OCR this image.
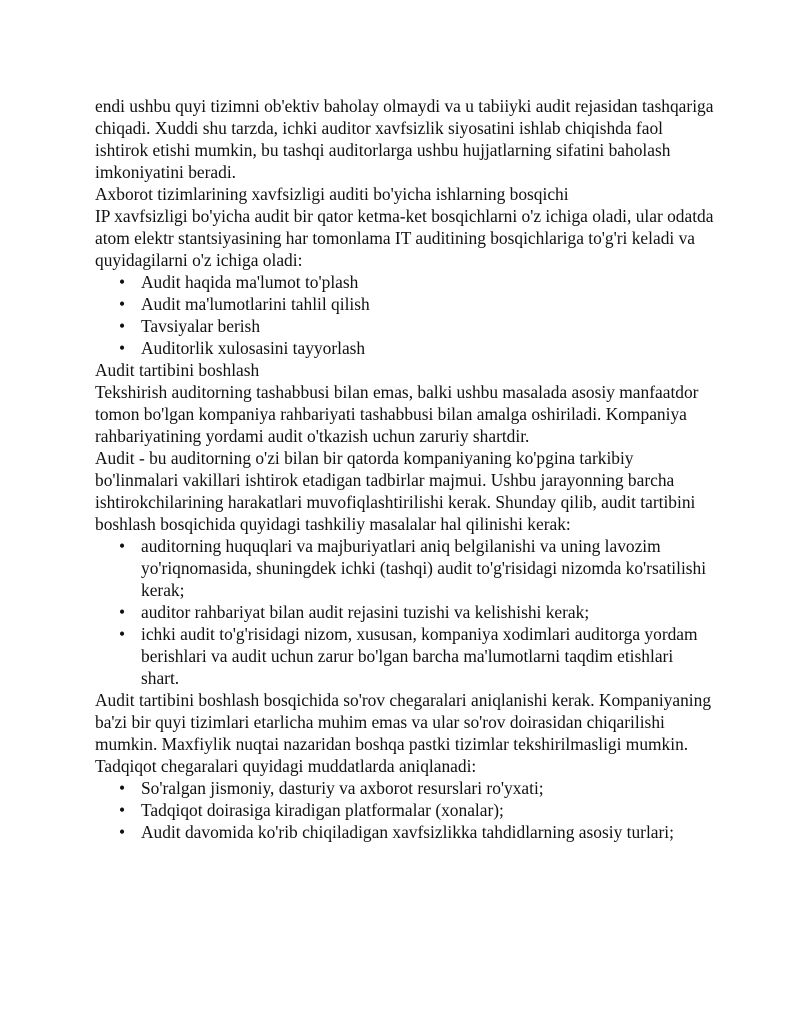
endi ushbu quyi tizimni ob'ektiv baholay olmaydi va u tabiiyki audit rejasidan tashqariga chiqadi. Xuddi shu tarzda, ichki auditor xavfsizlik siyosatini ishlab chiqishda faol ishtirok etishi mumkin, bu tashqi auditorlarga ushbu hujjatlarning sifatini baholash imkoniyatini beradi.

Axborot tizimlarining xavfsizligi auditi bo'yicha ishlarning bosqichi

IP xavfsizligi bo'yicha audit bir qator ketma-ket bosqichlarni o'z ichiga oladi, ular odatda atom elektr stantsiyasining har tomonlama IT auditining bosqichlariga to'g'ri keladi va quyidagilarni o'z ichiga oladi:

• Audit haqida ma'lumot to'plash
• Audit ma'lumotlarini tahlil qilish
• Tavsiyalar berish
• Auditorlik xulosasini tayyorlash

Audit tartibini boshlash

Tekshirish auditorning tashabbusi bilan emas, balki ushbu masalada asosiy manfaatdor tomon bo'lgan kompaniya rahbariyati tashabbusi bilan amalga oshiriladi. Kompaniya rahbariyatining yordami audit o'tkazish uchun zaruriy shartdir.

Audit - bu auditorning o'zi bilan bir qatorda kompaniyaning ko'pgina tarkibiy bo'linmalari vakillari ishtirok etadigan tadbirlar majmui. Ushbu jarayonning barcha ishtirokchilarining harakatlari muvofiqlashtirilishi kerak. Shunday qilib, audit tartibini boshlash bosqichida quyidagi tashkiliy masalalar hal qilinishi kerak:

• auditorning huquqlari va majburiyatlari aniq belgilanishi va uning lavozim yo'riqnomasida, shuningdek ichki (tashqi) audit to'g'risidagi nizomda ko'rsatilishi kerak;
• auditor rahbariyat bilan audit rejasini tuzishi va kelishishi kerak;
• ichki audit to'g'risidagi nizom, xususan, kompaniya xodimlari auditorga yordam berishlari va audit uchun zarur bo'lgan barcha ma'lumotlarni taqdim etishlari shart.

Audit tartibini boshlash bosqichida so'rov chegaralari aniqlanishi kerak. Kompaniyaning ba'zi bir quyi tizimlari etarlicha muhim emas va ular so'rov doirasidan chiqarilishi mumkin. Maxfiylik nuqtai nazaridan boshqa pastki tizimlar tekshirilmasligi mumkin.

Tadqiqot chegaralari quyidagi muddatlarda aniqlanadi:

• So'ralgan jismoniy, dasturiy va axborot resurslari ro'yxati;
• Tadqiqot doirasiga kiradigan platformalar (xonalar);
• Audit davomida ko'rib chiqiladigan xavfsizlikka tahdidlarning asosiy turlari;
